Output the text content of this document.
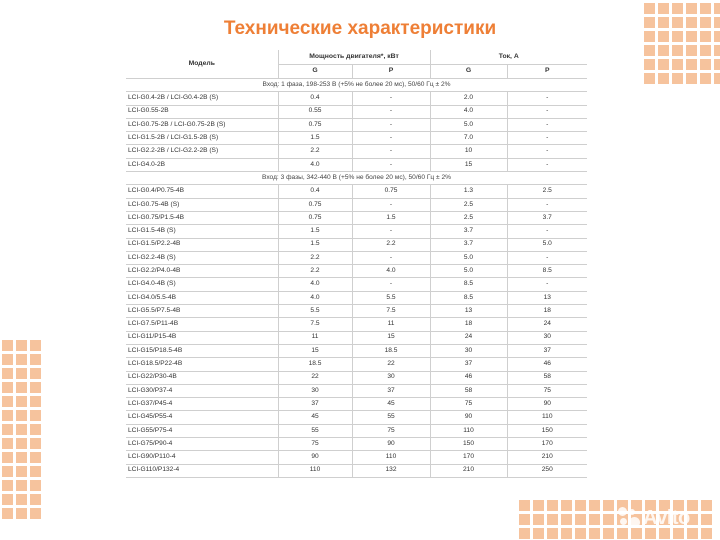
Технические характеристики
Модель	Мощность двигателя*, кВт		Ток, А	
	G	P	G	P
Вход: 1 фаза, 198-253 В (+5% не более 20 мс), 50/60 Гц ± 2%				
LCI-G0.4-2B / LCI-G0.4-2B (S)	0.4	-	2.0	-
LCI-G0.55-2B	0.55	-	4.0	-
LCI-G0.75-2B / LCI-G0.75-2B (S)	0.75	-	5.0	-
LCI-G1.5-2B / LCI-G1.5-2B (S)	1.5	-	7.0	-
LCI-G2.2-2B / LCI-G2.2-2B (S)	2.2	-	10	-
LCI-G4.0-2B	4.0	-	15	-
Вход: 3 фазы, 342-440 В (+5% не более 20 мс), 50/60 Гц ± 2%				
LCI-G0.4/P0.75-4B	0.4	0.75	1.3	2.5
LCI-G0.75-4B (S)	0.75	-	2.5	-
LCI-G0.75/P1.5-4B	0.75	1.5	2.5	3.7
LCI-G1.5-4B (S)	1.5	-	3.7	-
LCI-G1.5/P2.2-4B	1.5	2.2	3.7	5.0
LCI-G2.2-4B (S)	2.2	-	5.0	-
LCI-G2.2/P4.0-4B	2.2	4.0	5.0	8.5
LCI-G4.0-4B (S)	4.0	-	8.5	-
LCI-G4.0/5.5-4B	4.0	5.5	8.5	13
LCI-G5.5/P7.5-4B	5.5	7.5	13	18
LCI-G7.5/P11-4B	7.5	11	18	24
LCI-G11/P15-4B	11	15	24	30
LCI-G15/P18.5-4B	15	18.5	30	37
LCI-G18.5/P22-4B	18.5	22	37	46
LCI-G22/P30-4B	22	30	46	58
LCI-G30/P37-4	30	37	58	75
LCI-G37/P45-4	37	45	75	90
LCI-G45/P55-4	45	55	90	110
LCI-G55/P75-4	55	75	110	150
LCI-G75/P90-4	75	90	150	170
LCI-G90/P110-4	90	110	170	210
LCI-G110/P132-4	110	132	210	250
Avito
